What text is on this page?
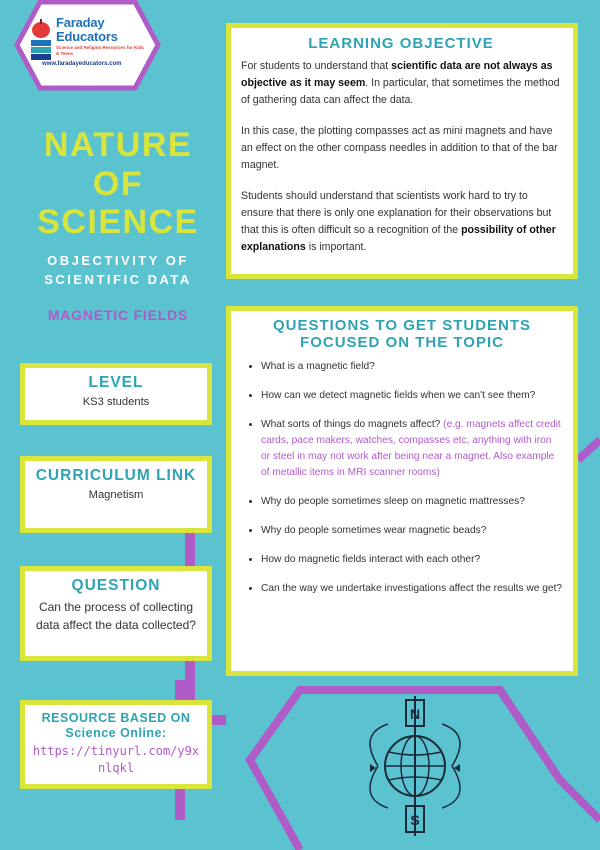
Faraday Educators
Science and Religion Resources for Kids & Teens
www.faradayeducators.com
NATURE
OF
SCIENCE
OBJECTIVITY OF
SCIENTIFIC DATA
MAGNETIC FIELDS
LEARNING OBJECTIVE

For students to understand that scientific data are not always as objective as it may seem. In particular, that sometimes the method of gathering data can affect the data.

In this case, the plotting compasses act as mini magnets and have an effect on the other compass needles in addition to that of the bar magnet.

Students should understand that scientists work hard to try to ensure that there is only one explanation for their observations but that this is often difficult so a recognition of the possibility of other explanations is important.

QUESTIONS TO GET STUDENTS FOCUSED ON THE TOPIC
• What is a magnetic field?
• How can we detect magnetic fields when we can't see them?
• What sorts of things do magnets affect? (e.g. magnets affect credit cards, pace makers, watches, compasses etc, anything with iron or steel in may not work after being near a magnet. Also example of metallic items in MRI scanner rooms)
• Why do people sometimes sleep on magnetic mattresses?
• Why do people sometimes wear magnetic beads?
• How do magnetic fields interact with each other?
• Can the way we undertake investigations affect the results we get?
LEVEL
KS3 students
CURRICULUM LINK
Magnetism
QUESTION
Can the process of collecting data affect the data collected?
RESOURCE BASED ON Science Online:
https://tinyurl.com/y9xnlqkl
N
S
